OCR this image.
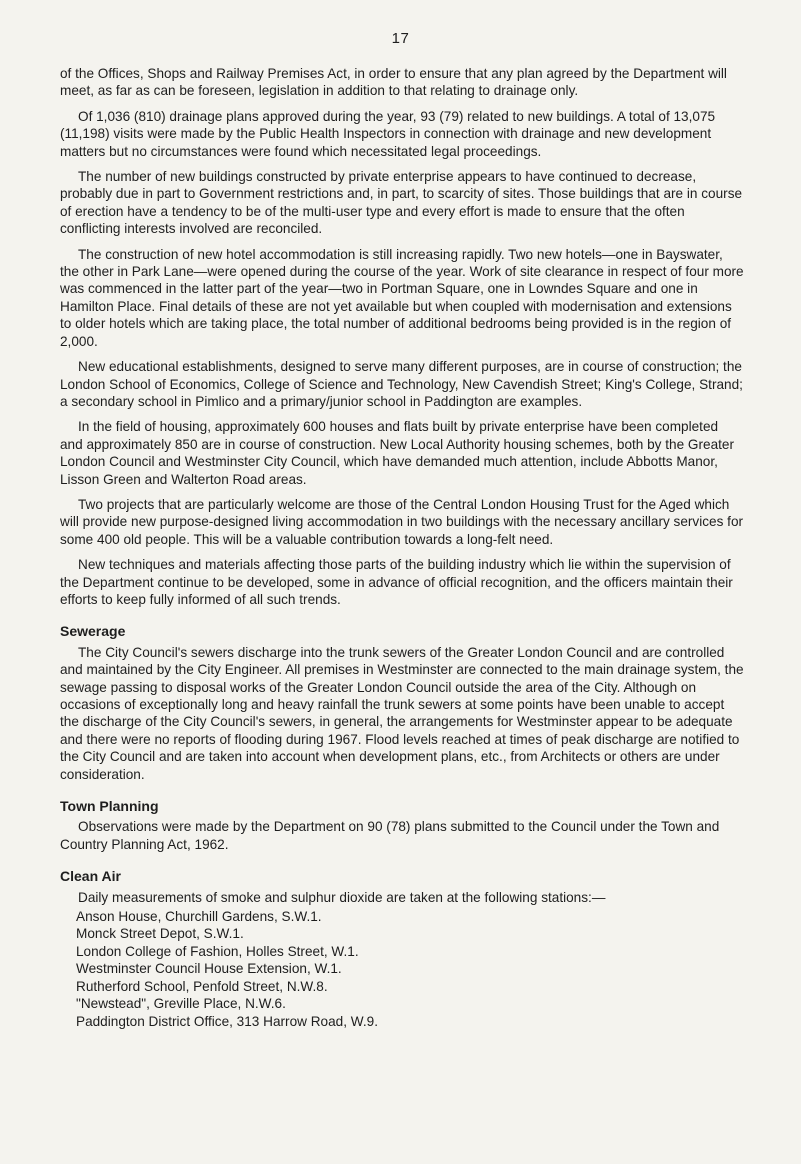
17

of the Offices, Shops and Railway Premises Act, in order to ensure that any plan agreed by the Department will meet, as far as can be foreseen, legislation in addition to that relating to drainage only.

Of 1,036 (810) drainage plans approved during the year, 93 (79) related to new buildings. A total of 13,075 (11,198) visits were made by the Public Health Inspectors in connection with drainage and new development matters but no circumstances were found which necessitated legal proceedings.

The number of new buildings constructed by private enterprise appears to have continued to decrease, probably due in part to Government restrictions and, in part, to scarcity of sites. Those buildings that are in course of erection have a tendency to be of the multi-user type and every effort is made to ensure that the often conflicting interests involved are reconciled.

The construction of new hotel accommodation is still increasing rapidly. Two new hotels—one in Bayswater, the other in Park Lane—were opened during the course of the year. Work of site clearance in respect of four more was commenced in the latter part of the year—two in Portman Square, one in Lowndes Square and one in Hamilton Place. Final details of these are not yet available but when coupled with modernisation and extensions to older hotels which are taking place, the total number of additional bedrooms being provided is in the region of 2,000.

New educational establishments, designed to serve many different purposes, are in course of construction; the London School of Economics, College of Science and Technology, New Cavendish Street; King's College, Strand; a secondary school in Pimlico and a primary/junior school in Paddington are examples.

In the field of housing, approximately 600 houses and flats built by private enterprise have been completed and approximately 850 are in course of construction. New Local Authority housing schemes, both by the Greater London Council and Westminster City Council, which have demanded much attention, include Abbotts Manor, Lisson Green and Walterton Road areas.

Two projects that are particularly welcome are those of the Central London Housing Trust for the Aged which will provide new purpose-designed living accommodation in two buildings with the necessary ancillary services for some 400 old people. This will be a valuable contribution towards a long-felt need.

New techniques and materials affecting those parts of the building industry which lie within the supervision of the Department continue to be developed, some in advance of official recognition, and the officers maintain their efforts to keep fully informed of all such trends.

Sewerage

The City Council's sewers discharge into the trunk sewers of the Greater London Council and are controlled and maintained by the City Engineer. All premises in Westminster are connected to the main drainage system, the sewage passing to disposal works of the Greater London Council outside the area of the City. Although on occasions of exceptionally long and heavy rainfall the trunk sewers at some points have been unable to accept the discharge of the City Council's sewers, in general, the arrangements for Westminster appear to be adequate and there were no reports of flooding during 1967. Flood levels reached at times of peak discharge are notified to the City Council and are taken into account when development plans, etc., from Architects or others are under consideration.

Town Planning

Observations were made by the Department on 90 (78) plans submitted to the Council under the Town and Country Planning Act, 1962.

Clean Air

Daily measurements of smoke and sulphur dioxide are taken at the following stations:—

Anson House, Churchill Gardens, S.W.1.
Monck Street Depot, S.W.1.
London College of Fashion, Holles Street, W.1.
Westminster Council House Extension, W.1.
Rutherford School, Penfold Street, N.W.8.
"Newstead", Greville Place, N.W.6.
Paddington District Office, 313 Harrow Road, W.9.
